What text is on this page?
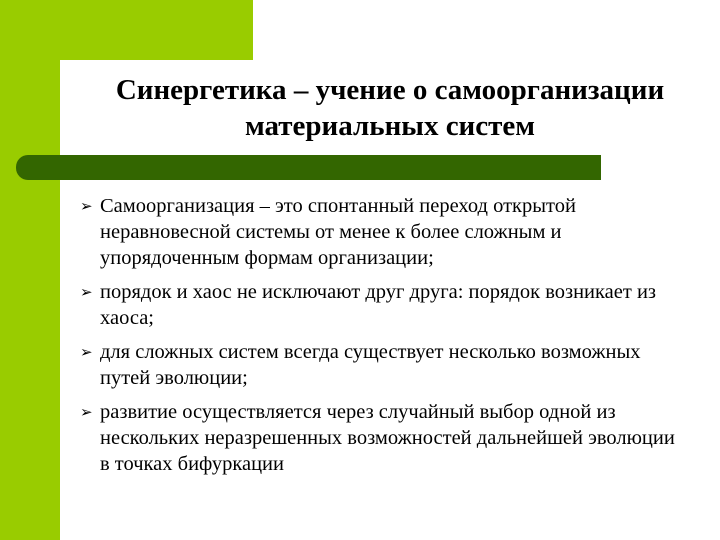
Синергетика – учение о самоорганизации
материальных систем
➢ Самоорганизация – это спонтанный переход открытой неравновесной системы от менее к более сложным и упорядоченным формам организации;
➢ порядок и хаос не исключают друг друга: порядок возникает из хаоса;
➢ для сложных систем всегда существует несколько возможных путей эволюции;
➢ развитие осуществляется через случайный выбор одной из нескольких неразрешенных возможностей дальнейшей эволюции в точках бифуркации
